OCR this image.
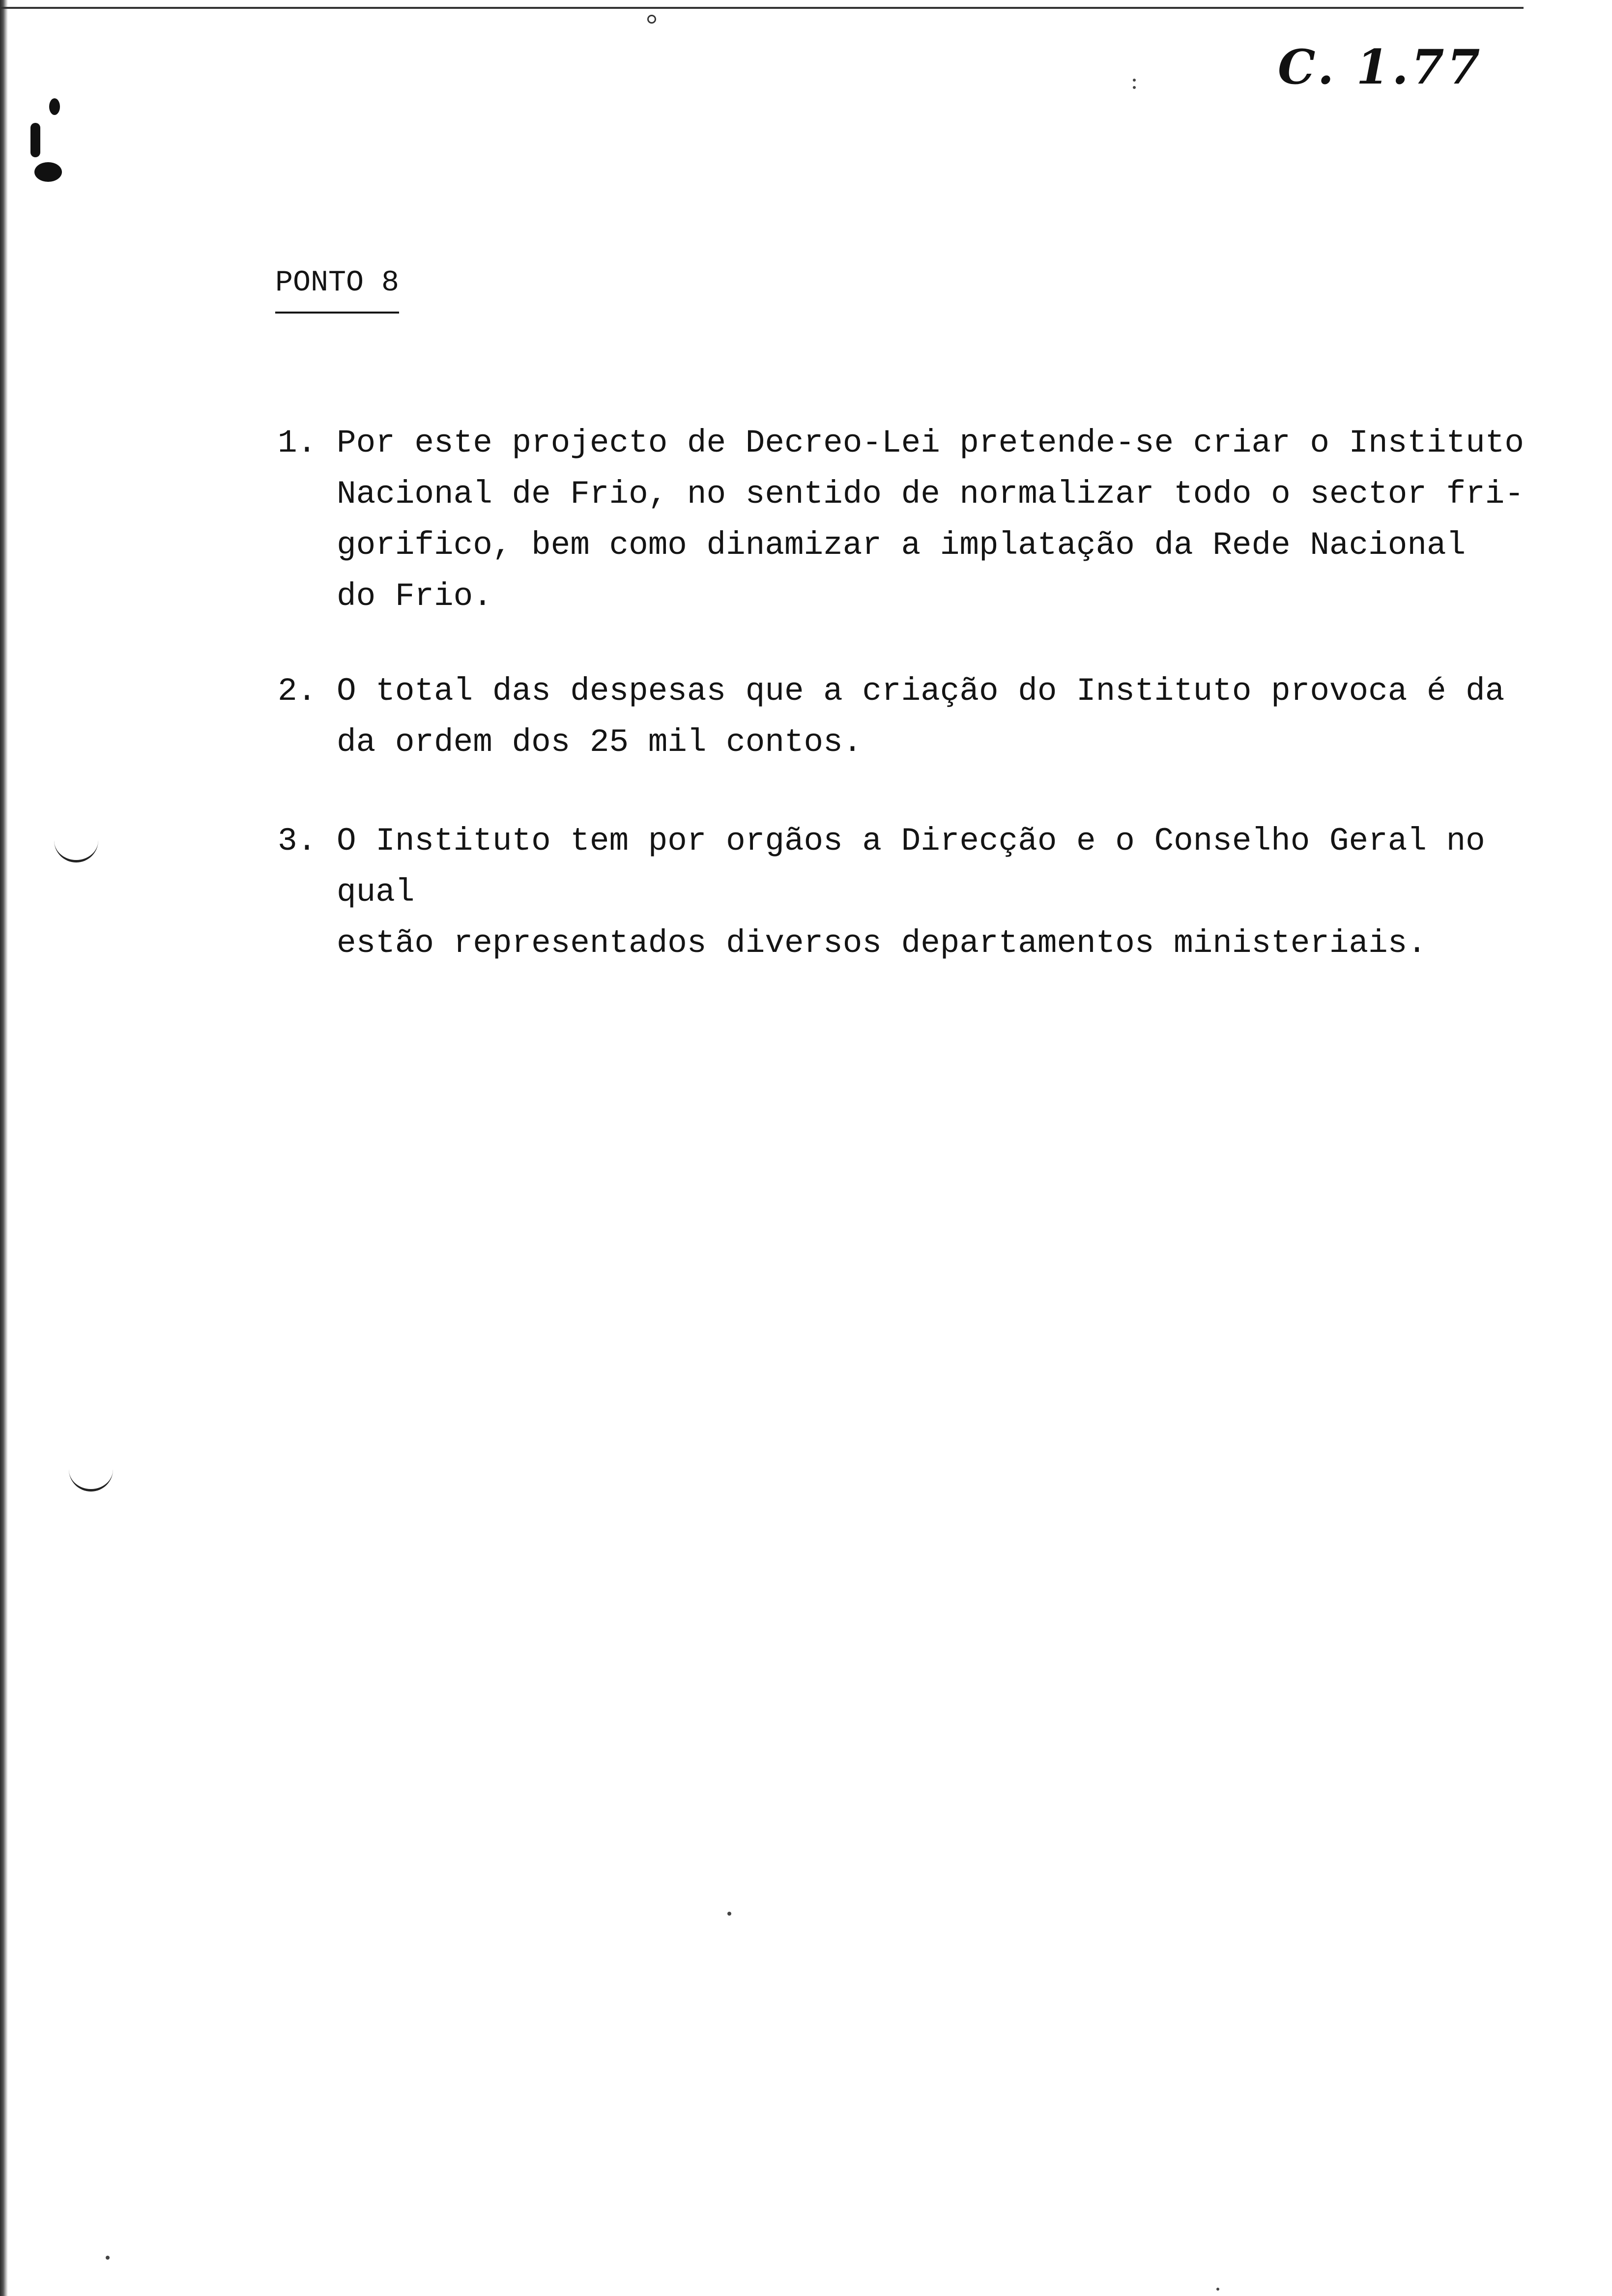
C. 1.77
PONTO 8
1. Por este projecto de Decreo-Lei pretende-se criar o Instituto
Nacional de Frio, no sentido de normalizar todo o sector fri-
gorifico, bem como dinamizar a implatação da Rede Nacional
do Frio.
2. O total das despesas que a criação do Instituto provoca é da
da ordem dos 25 mil contos.
3. O Instituto tem por orgãos a Direcção e o Conselho Geral no qual
estão representados diversos departamentos ministeriais.
